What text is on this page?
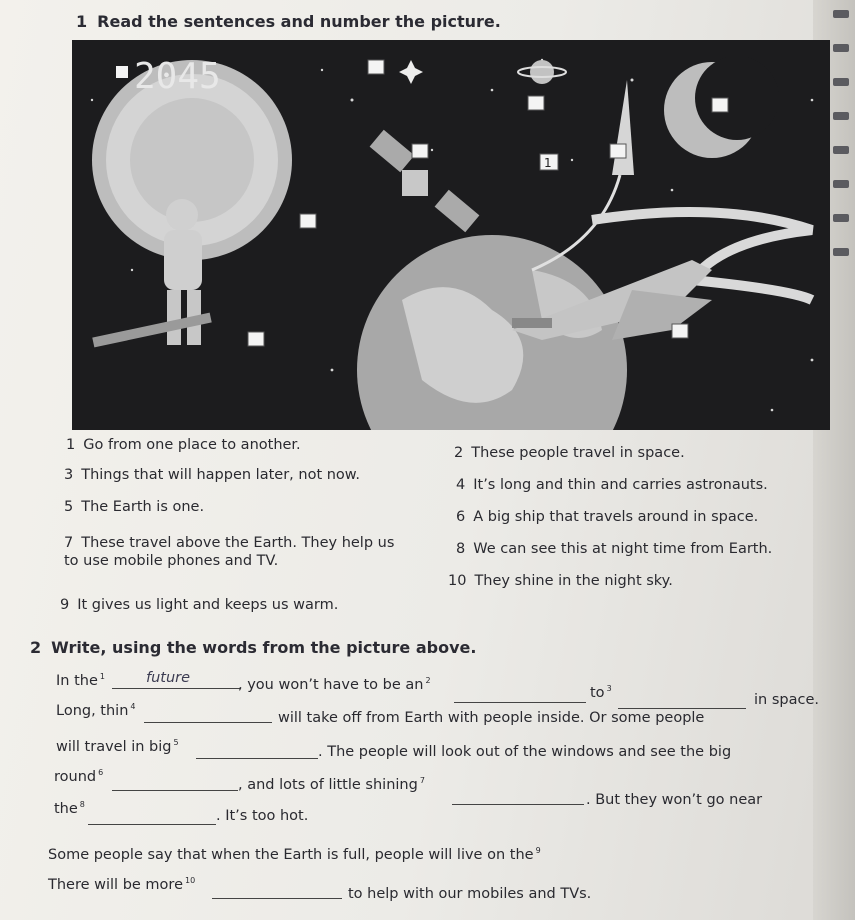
1 Read the sentences and number the picture.
2045
1
1 Go from one place to another.	2 These people travel in space.
3 Things that will happen later, not now.
4 It’s long and thin and carries astronauts.
5 The Earth is one.
6 A big ship that travels around in space.
7 These travel above the Earth. They help us to use mobile phones and TV.
8 We can see this at night time from Earth.
10 They shine in the night sky.
9 It gives us light and keeps us warm.
2 Write, using the words from the picture above.
In the $^1$	future	, you won’t have to be an $^2$
to $^3$
in space.
Long, thin $^4$
will take off from Earth with people inside. Or some people
will travel in big $^5$
. The people will look out of the windows and see the big
round $^6$
, and lots of little shining $^7$
. But they won’t go near
the $^8$
. It’s too hot.
Some people say that when the Earth is full, people will live on the $^9$
There will be more $^{10}$
to help with our mobiles and TVs.
